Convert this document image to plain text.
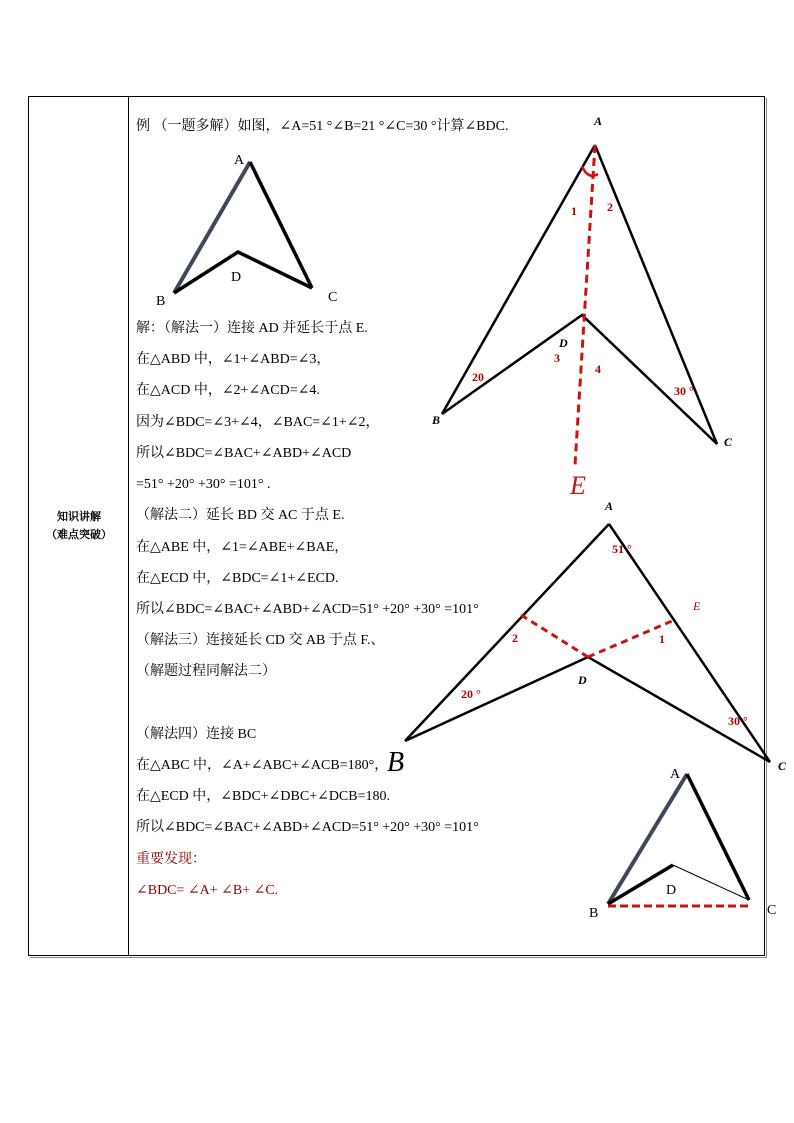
知识讲解
（难点突破）
例 （一题多解）如图，∠A=51 °∠B=21 °∠C=30 °计算∠BDC.
解：（解法一）连接 AD 并延长于点 E.
在△ABD 中，∠1+∠ABD=∠3，
在△ACD 中，∠2+∠ACD=∠4.
因为∠BDC=∠3+∠4，∠BAC=∠1+∠2，
所以∠BDC=∠BAC+∠ABD+∠ACD
=51° +20° +30° =101° .
（解法二）延长 BD 交 AC 于点 E.
在△ABE 中，∠1=∠ABE+∠BAE，
在△ECD 中，∠BDC=∠1+∠ECD.
所以∠BDC=∠BAC+∠ABD+∠ACD=51° +20° +30° =101°
（解法三）连接延长 CD 交 AB 于点 F.、
（解题过程同解法二）
（解法四）连接 BC
在△ABC 中，∠A+∠ABC+∠ACB=180°，
在△ECD 中，∠BDC+∠DBC+∠DCB=180.
所以∠BDC=∠BAC+∠ABD+∠ACD=51° +20° +30° =101°
重要发现：
∠BDC= ∠A+ ∠B+ ∠C.
A
B	C
D
A
B
C
D
E
1	2
3
4
20
30 °
A
B	C
D
E
1
2
51 °
20 °
30 °
A
B	C
D
